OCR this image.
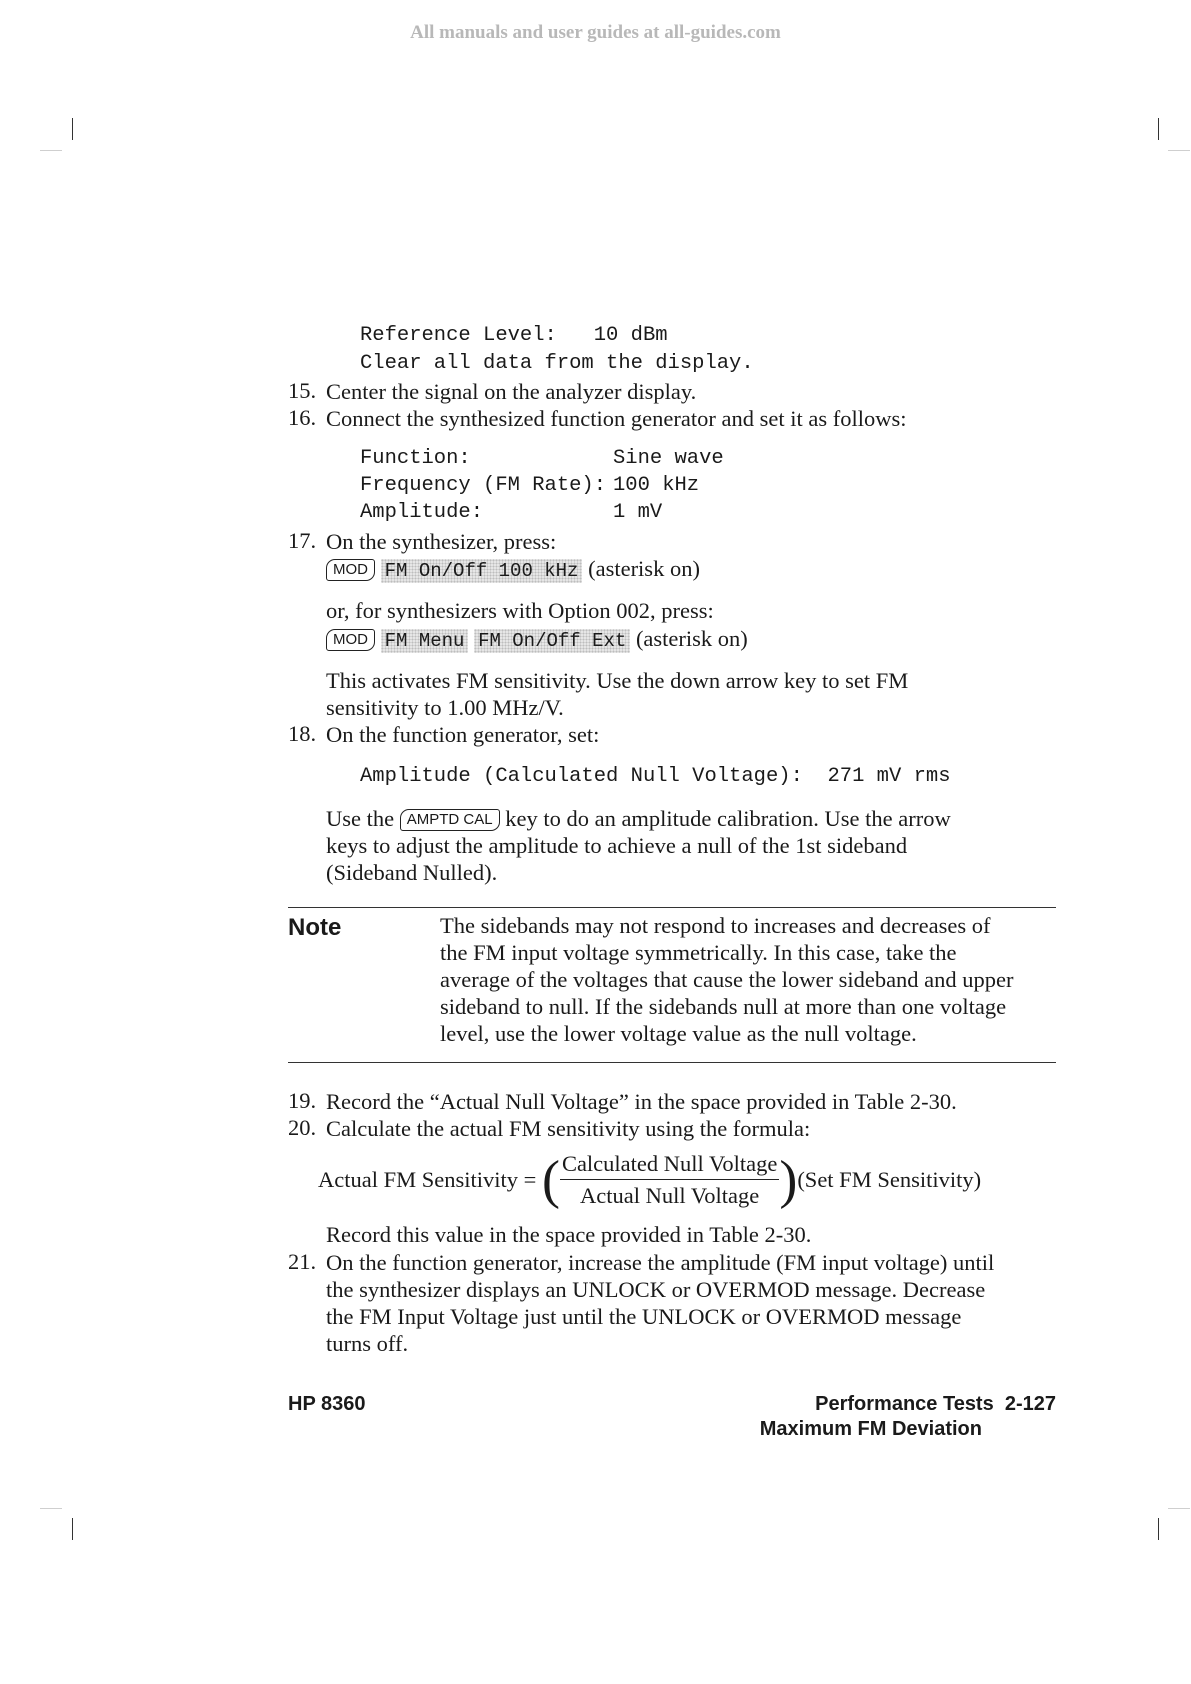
All manuals and user guides at all-guides.com
Reference Level:   10 dBm
Clear all data from the display.
15. Center the signal on the analyzer display.
16. Connect the synthesized function generator and set it as follows:
Function:	Sine wave
Frequency (FM Rate): 100 kHz
Amplitude:	1 mV
17. On the synthesizer, press:
MOD FM On/Off 100 kHz (asterisk on)
or, for synthesizers with Option 002, press:
MOD FM Menu FM On/Off Ext (asterisk on)
This activates FM sensitivity. Use the down arrow key to set FM
sensitivity to 1.00 MHz/V.
18. On the function generator, set:
Amplitude (Calculated Null Voltage):  271 mV rms
Use the AMPTD CAL key to do an amplitude calibration. Use the arrow
keys to adjust the amplitude to achieve a null of the 1st sideband
(Sideband Nulled).
Note	The sidebands may not respond to increases and decreases of
the FM input voltage symmetrically. In this case, take the
average of the voltages that cause the lower sideband and upper
sideband to null. If the sidebands null at more than one voltage
level, use the lower voltage value as the null voltage.
19. Record the “Actual Null Voltage” in the space provided in Table 2-30.
20. Calculate the actual FM sensitivity using the formula:
Actual FM Sensitivity = ( $\frac{\text{Calculated Null Voltage}}{\text{Actual Null Voltage}} )(Set$ FM Sensitivity)
Record this value in the space provided in Table 2-30.
21. On the function generator, increase the amplitude (FM input voltage) until
the synthesizer displays an UNLOCK or OVERMOD message. Decrease
the FM Input Voltage just until the UNLOCK or OVERMOD message
turns off.
HP 8360	Performance Tests 2-127
Maximum FM Deviation
